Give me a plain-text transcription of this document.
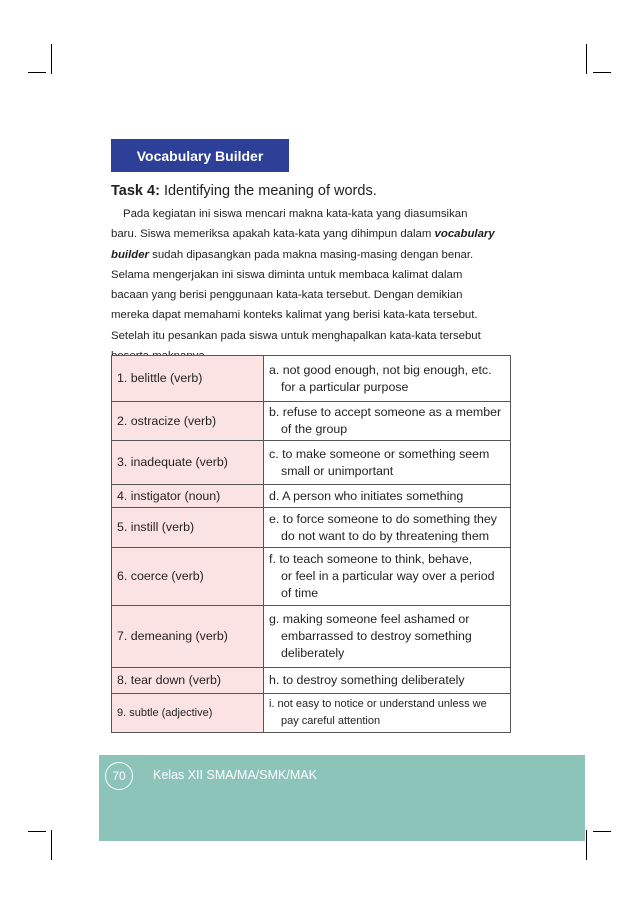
Vocabulary Builder
Task 4: Identifying the meaning of words.
Pada kegiatan ini siswa mencari makna kata-kata yang diasumsikan
baru. Siswa memeriksa apakah kata-kata yang dihimpun dalam vocabulary
builder sudah dipasangkan pada makna masing-masing dengan benar.
Selama mengerjakan ini siswa diminta untuk membaca kalimat dalam
bacaan yang berisi penggunaan kata-kata tersebut. Dengan demikian
mereka dapat memahami konteks kalimat yang berisi kata-kata tersebut.
Setelah itu pesankan pada siswa untuk menghapalkan kata-kata tersebut
1. belittle (verb)	a. not good enough, not big enough, etc.
for a particular purpose

2. ostracize (verb)	b. refuse to accept someone as a member
of the group

3. inadequate (verb)	c. to make someone or something seem
small or unimportant

4. instigator (noun)	d. A person who initiates something

5. instill (verb)	e. to force someone to do something they
do not want to do by threatening them

6. coerce (verb)	f. to teach someone to think, behave,
or feel in a particular way over a period
of time

7. demeaning (verb)	g. making someone feel ashamed or
embarrassed to destroy something
deliberately

8. tear down (verb)	h. to destroy something deliberately

9. subtle (adjective)	i. not easy to notice or understand unless we
pay careful attention
70	Kelas XII SMA/MA/SMK/MAK
